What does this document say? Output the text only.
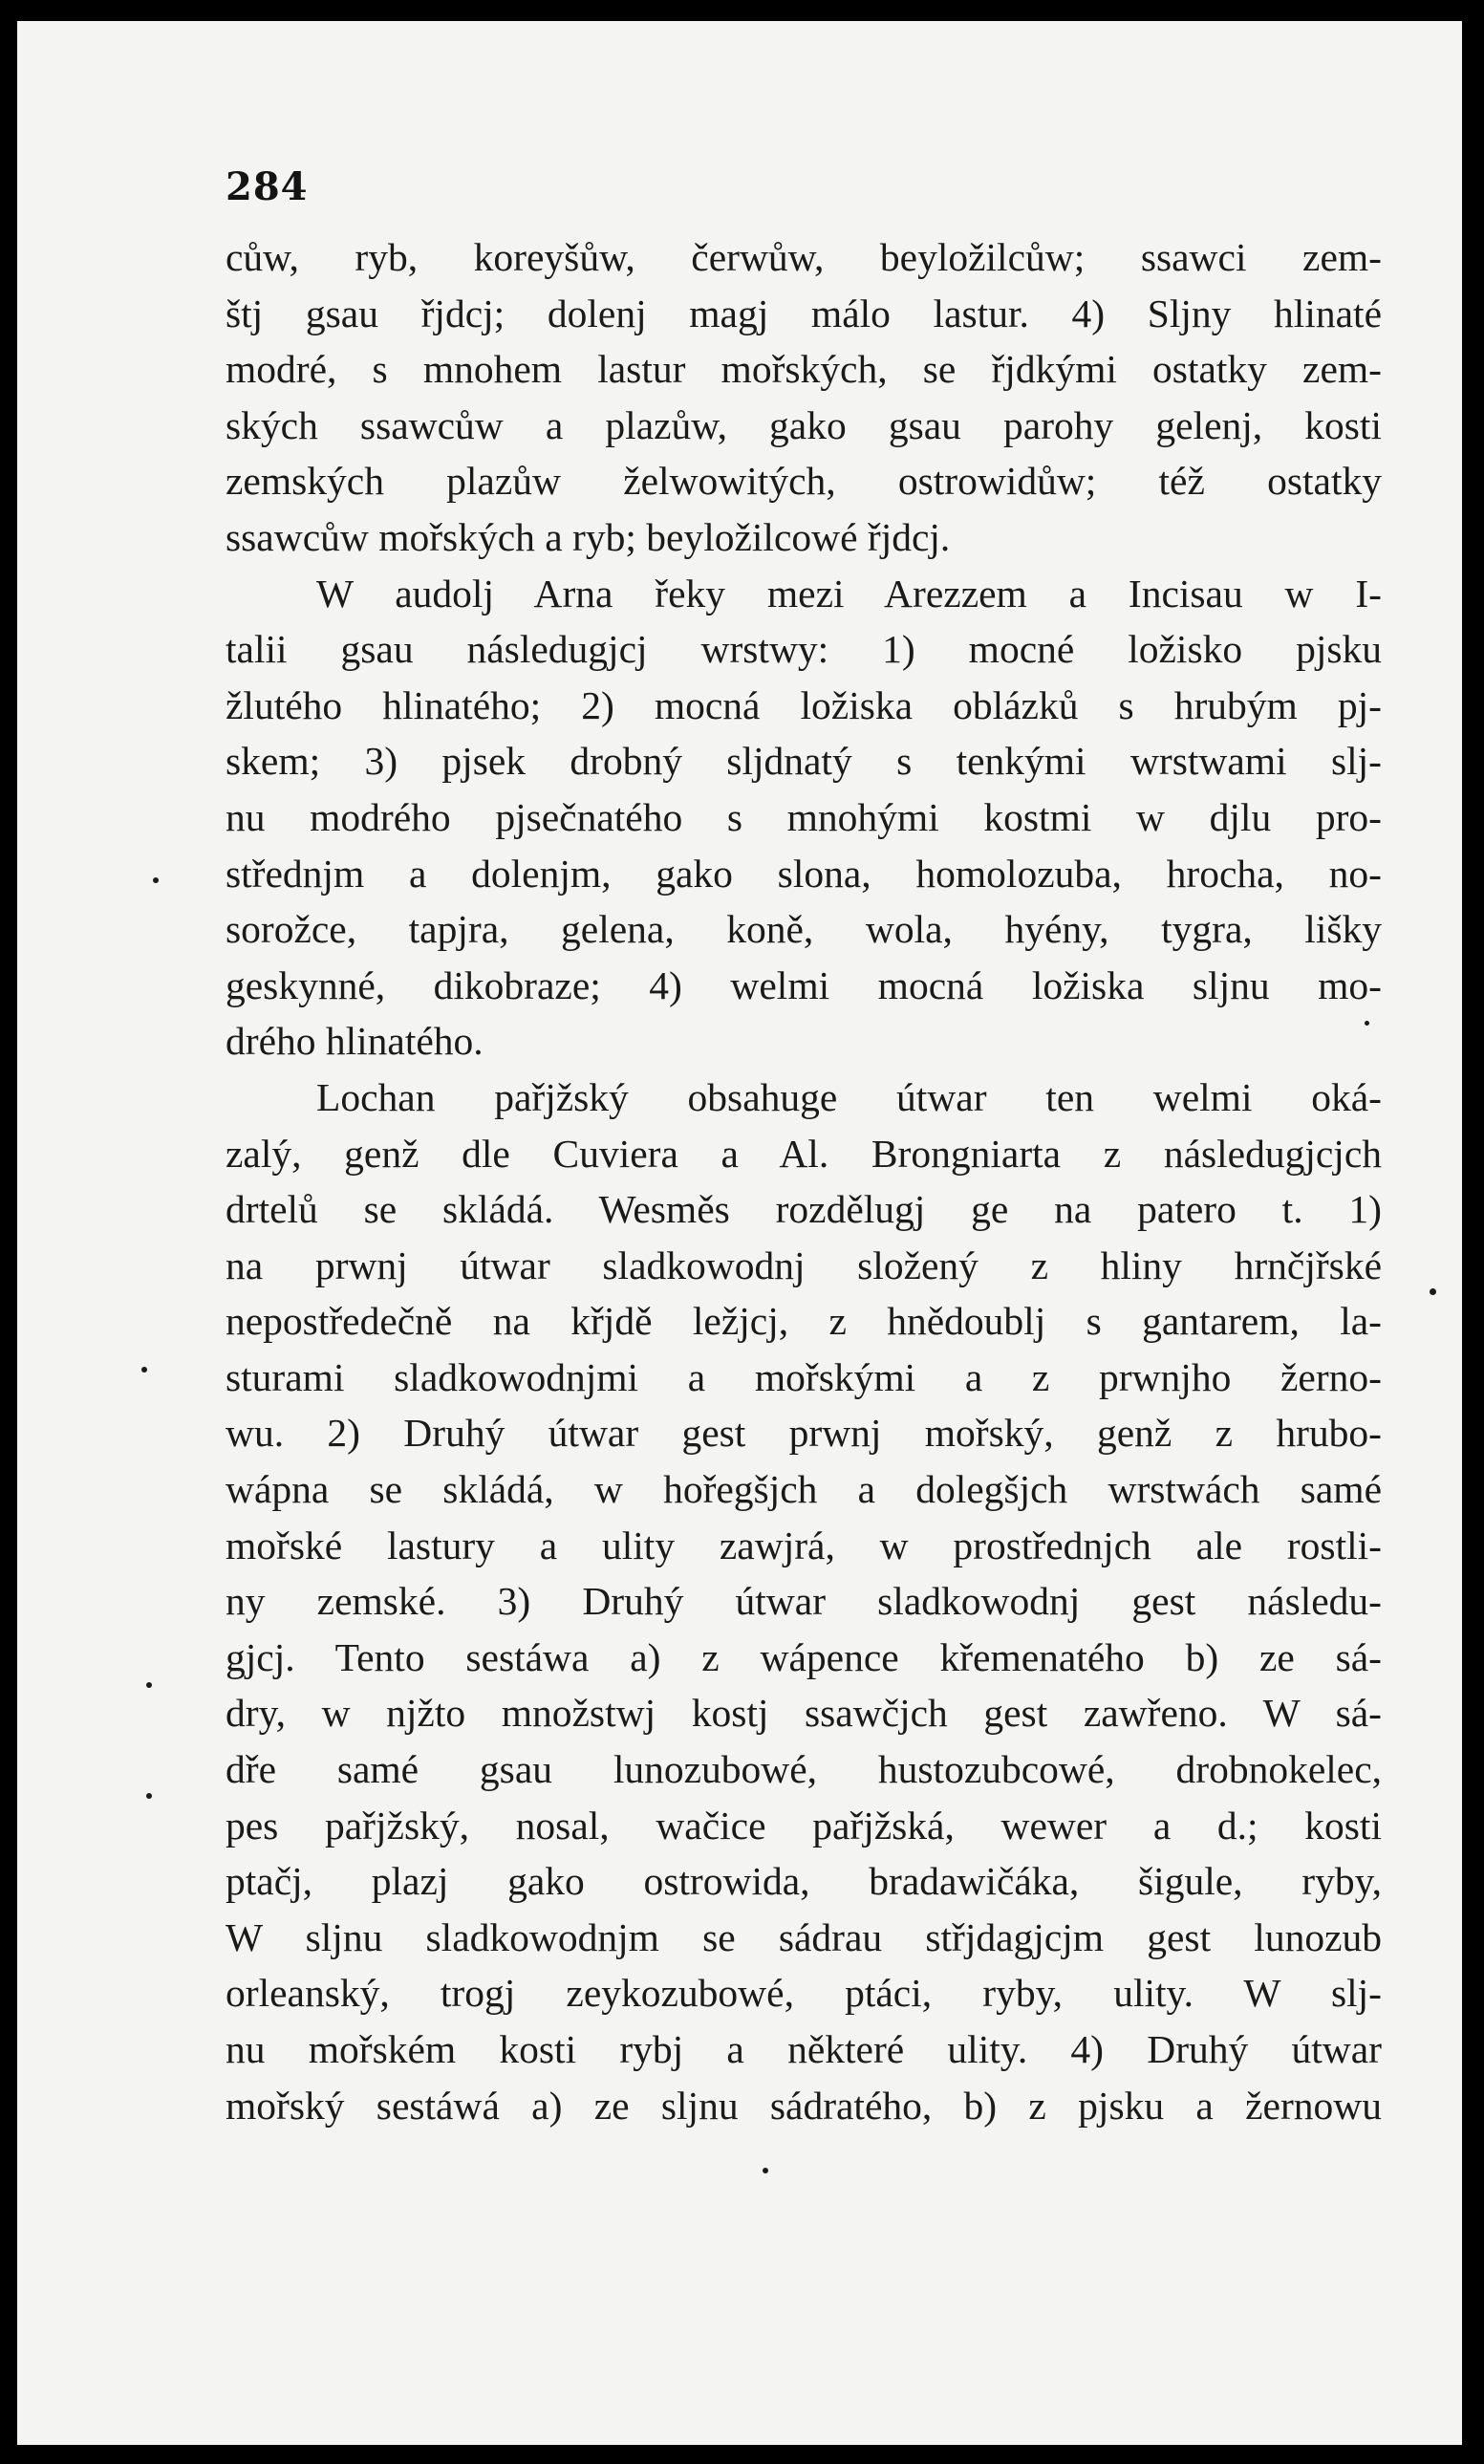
284
cůw, ryb, koreyšůw, čerwůw, beyložilcůw; ssawci zem-
štj gsau řjdcj; dolenj magj málo lastur. 4) Sljny hlinaté
modré, s mnohem lastur mořských, se řjdkými ostatky zem-
ských ssawcůw a plazůw, gako gsau parohy gelenj, kosti
zemských plazůw želwowitých, ostrowidůw; též ostatky
ssawcůw mořských a ryb; beyložilcowé řjdcj.
W audolj Arna řeky mezi Arezzem a Incisau w I-
talii gsau následugjcj wrstwy: 1) mocné ložisko pjsku
žlutého hlinatého; 2) mocná ložiska oblázků s hrubým pj-
skem; 3) pjsek drobný sljdnatý s tenkými wrstwami slj-
nu modrého pjsečnatého s mnohými kostmi w djlu pro-
střednjm a dolenjm, gako slona, homolozuba, hrocha, no-
sorožce, tapjra, gelena, koně, wola, hyény, tygra, lišky
geskynné, dikobraze; 4) welmi mocná ložiska sljnu mo-
drého hlinatého.
Lochan pařjžský obsahuge útwar ten welmi oká-
zalý, genž dle Cuviera a Al. Brongniarta z následugjcjch
drtelů se skládá. Wesměs rozdělugj ge na patero t. 1)
na prwnj útwar sladkowodnj složený z hliny hrnčjřské
nepostředečně na křjdě ležjcj, z hnědoublj s gantarem, la-
sturami sladkowodnjmi a mořskými a z prwnjho žerno-
wu. 2) Druhý útwar gest prwnj mořský, genž z hrubo-
wápna se skládá, w hořegšjch a dolegšjch wrstwách samé
mořské lastury a ulity zawjrá, w prostřednjch ale rostli-
ny zemské. 3) Druhý útwar sladkowodnj gest následu-
gjcj. Tento sestáwa a) z wápence křemenatého b) ze sá-
dry, w njžto množstwj kostj ssawčjch gest zawřeno. W sá-
dře samé gsau lunozubowé, hustozubcowé, drobnokelec,
pes pařjžský, nosal, wačice pařjžská, wewer a d.; kosti
ptačj, plazj gako ostrowida, bradawičáka, šigule, ryby,
W sljnu sladkowodnjm se sádrau střjdagjcjm gest lunozub
orleanský, trogj zeykozubowé, ptáci, ryby, ulity. W slj-
nu mořském kosti rybj a některé ulity. 4) Druhý útwar
mořský sestáwá a) ze sljnu sádratého, b) z pjsku a žernowu
